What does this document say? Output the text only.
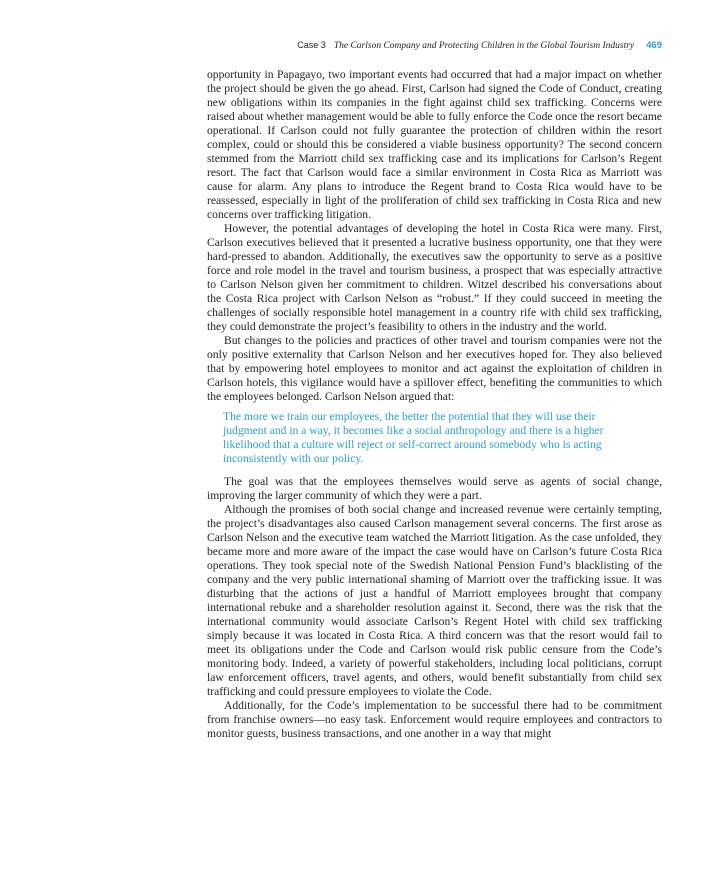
Case 3 The Carlson Company and Protecting Children in the Global Tourism Industry 469

opportunity in Papagayo, two important events had occurred that had a major impact on whether the project should be given the go ahead. First, Carlson had signed the Code of Conduct, creating new obligations within its companies in the fight against child sex trafficking. Concerns were raised about whether management would be able to fully enforce the Code once the resort became operational. If Carlson could not fully guarantee the protection of children within the resort complex, could or should this be considered a viable business opportunity? The second concern stemmed from the Marriott child sex trafficking case and its implications for Carlson’s Regent resort. The fact that Carlson would face a similar environment in Costa Rica as Marriott was cause for alarm. Any plans to introduce the Regent brand to Costa Rica would have to be reassessed, especially in light of the proliferation of child sex trafficking in Costa Rica and new concerns over trafficking litigation.

However, the potential advantages of developing the hotel in Costa Rica were many. First, Carlson executives believed that it presented a lucrative business opportunity, one that they were hard-pressed to abandon. Additionally, the executives saw the opportunity to serve as a positive force and role model in the travel and tourism business, a prospect that was especially attractive to Carlson Nelson given her commitment to children. Witzel described his conversations about the Costa Rica project with Carlson Nelson as “robust.” If they could succeed in meeting the challenges of socially responsible hotel management in a country rife with child sex trafficking, they could demonstrate the project’s feasibility to others in the industry and the world.

But changes to the policies and practices of other travel and tourism companies were not the only positive externality that Carlson Nelson and her executives hoped for. They also believed that by empowering hotel employees to monitor and act against the exploitation of children in Carlson hotels, this vigilance would have a spillover effect, benefiting the communities to which the employees belonged. Carlson Nelson argued that:

The more we train our employees, the better the potential that they will use their judgment and in a way, it becomes like a social anthropology and there is a higher likelihood that a culture will reject or self-correct around somebody who is acting inconsistently with our policy.

The goal was that the employees themselves would serve as agents of social change, improving the larger community of which they were a part.

Although the promises of both social change and increased revenue were certainly tempting, the project’s disadvantages also caused Carlson management several concerns. The first arose as Carlson Nelson and the executive team watched the Marriott litigation. As the case unfolded, they became more and more aware of the impact the case would have on Carlson’s future Costa Rica operations. They took special note of the Swedish National Pension Fund’s blacklisting of the company and the very public international shaming of Marriott over the trafficking issue. It was disturbing that the actions of just a handful of Marriott employees brought that company international rebuke and a shareholder resolution against it. Second, there was the risk that the international community would associate Carlson’s Regent Hotel with child sex trafficking simply because it was located in Costa Rica. A third concern was that the resort would fail to meet its obligations under the Code and Carlson would risk public censure from the Code’s monitoring body. Indeed, a variety of powerful stakeholders, including local politicians, corrupt law enforcement officers, travel agents, and others, would benefit substantially from child sex trafficking and could pressure employees to violate the Code.

Additionally, for the Code’s implementation to be successful there had to be commitment from franchise owners—no easy task. Enforcement would require employees and contractors to monitor guests, business transactions, and one another in a way that might
